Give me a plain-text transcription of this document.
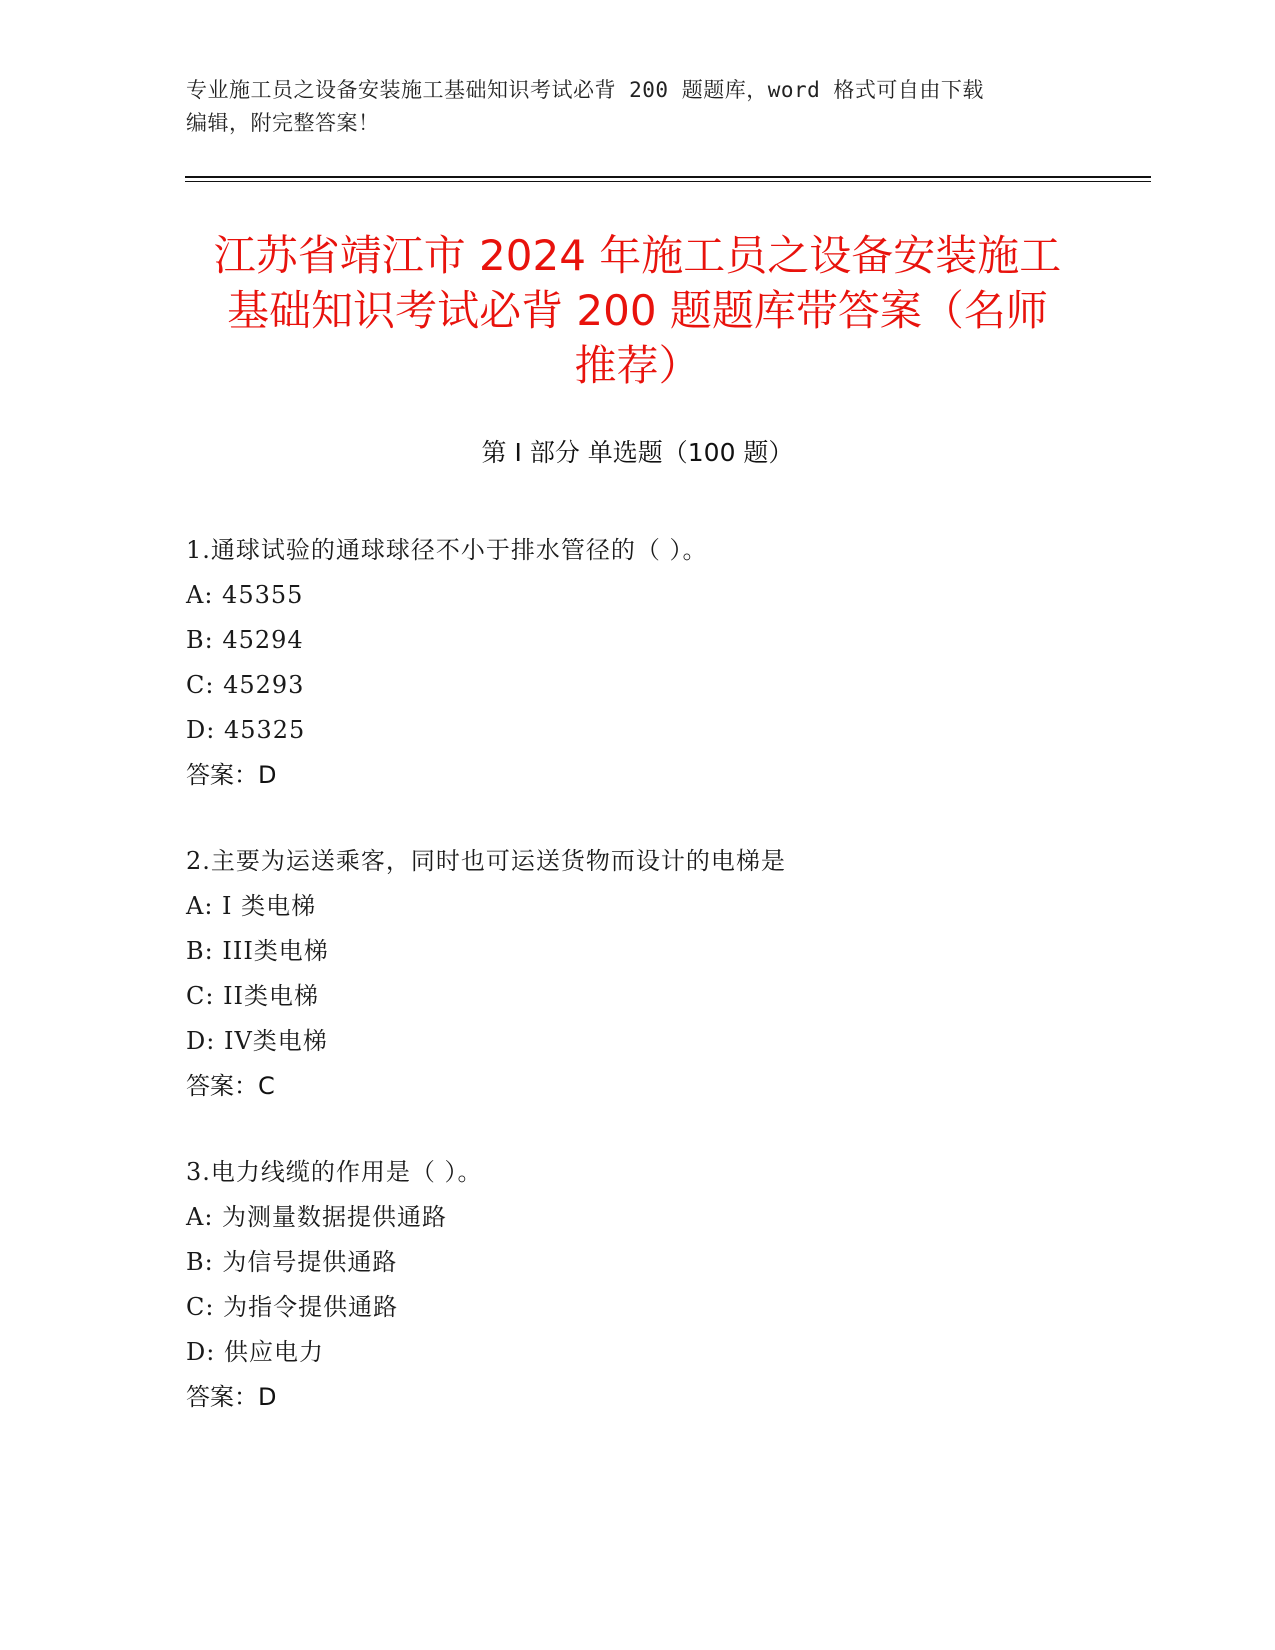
专业施工员之设备安装施工基础知识考试必背 200 题题库，word 格式可自由下载
编辑，附完整答案！
江苏省靖江市 2024 年施工员之设备安装施工
基础知识考试必背 200 题题库带答案（名师
推荐）
第 I 部分 单选题（100 题）
1.通球试验的通球球径不小于排水管径的（ ）。
A: 45355
B: 45294
C: 45293
D: 45325
答案：D
2.主要为运送乘客，同时也可运送货物而设计的电梯是
A: I 类电梯
B: III类电梯
C: II类电梯
D: IV类电梯
答案：C
3.电力线缆的作用是（ ）。
A: 为测量数据提供通路
B: 为信号提供通路
C: 为指令提供通路
D: 供应电力
答案：D
